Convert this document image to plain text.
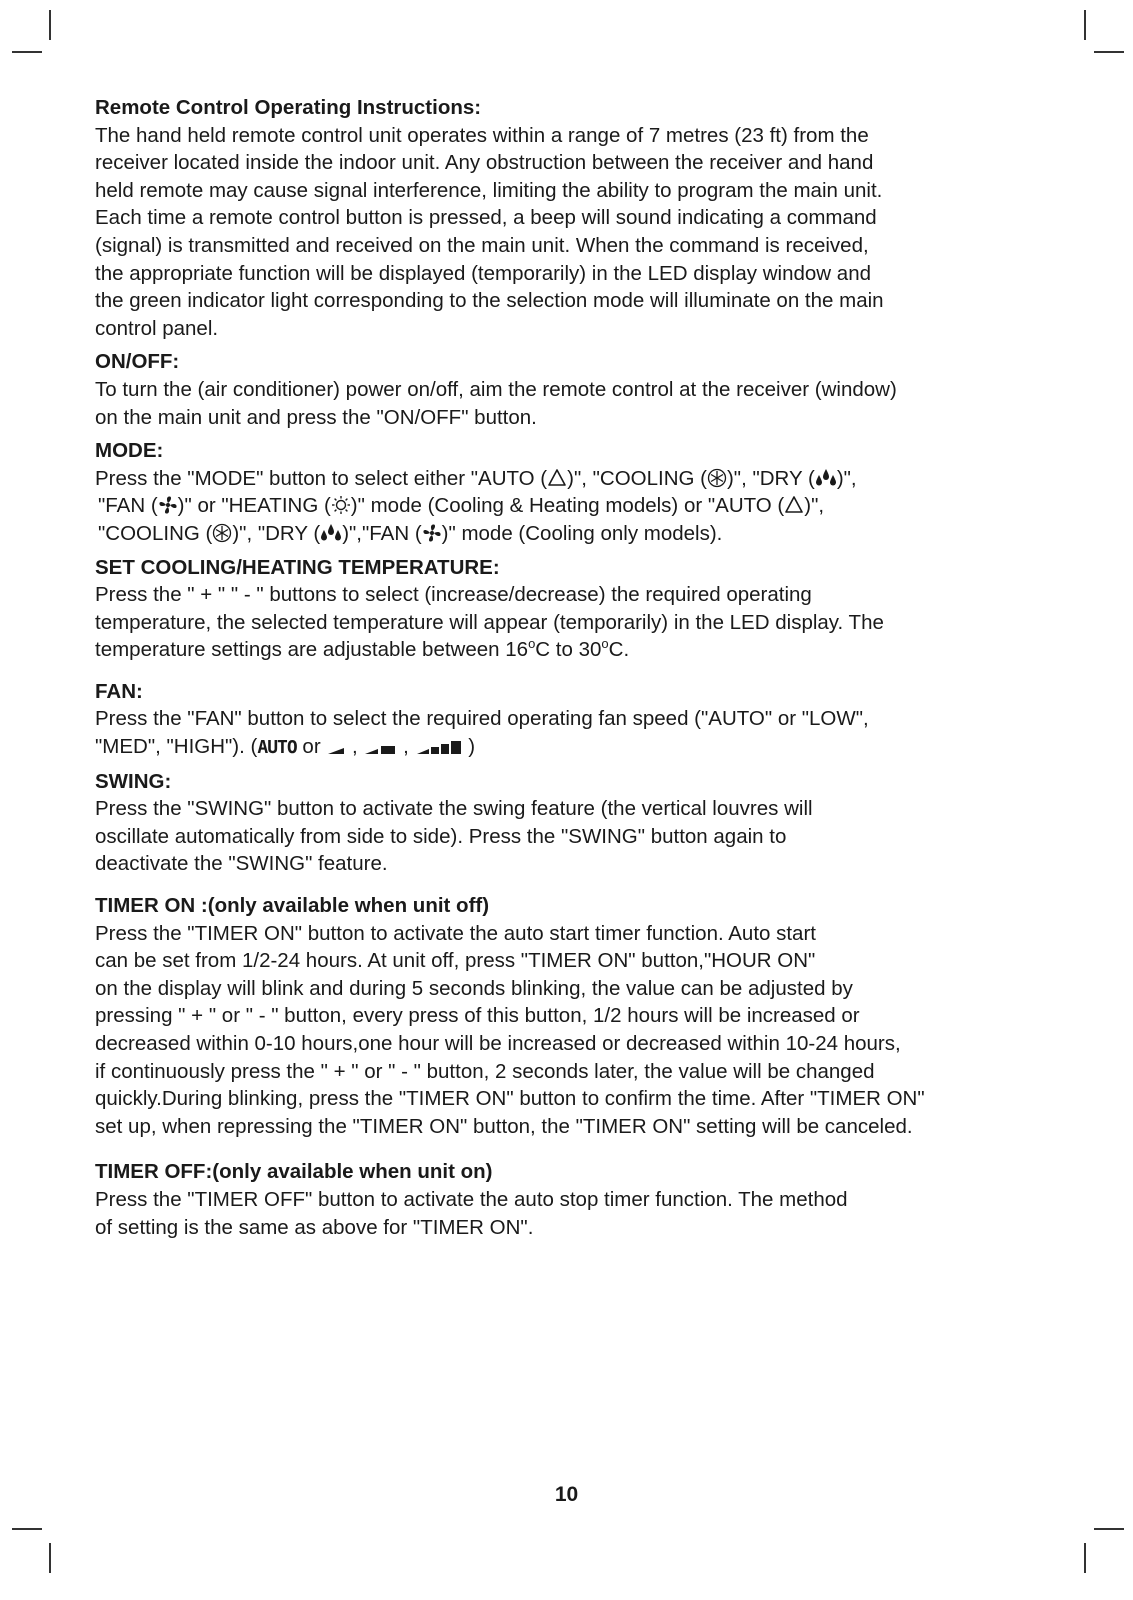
Remote Control Operating Instructions:

The hand held remote control unit operates within a range of 7 metres (23 ft) from the
receiver located inside the indoor unit. Any obstruction between the receiver and hand
held remote may cause signal interference, limiting the ability to program the main unit.
Each time a remote control button is pressed, a beep will sound indicating a command
(signal) is transmitted and received on the main unit. When the command is received,
the appropriate function will be displayed (temporarily) in the LED display window and
the green indicator light corresponding to the selection mode will illuminate on the main
control panel.

ON/OFF:

To turn the (air conditioner) power on/off, aim the remote control at the receiver (window)
on the main unit and press the "ON/OFF" button.

MODE:

Press the "MODE" button to select either "AUTO ( )", "COOLING ( )", "DRY ( )",
"FAN ( )" or "HEATING ( )" mode (Cooling & Heating models) or "AUTO ( )",
"COOLING ( )", "DRY ( )","FAN ( )" mode (Cooling only models).

SET COOLING/HEATING TEMPERATURE:

Press the " + " " - " buttons to select (increase/decrease) the required operating
temperature, the selected temperature will appear (temporarily) in the LED display. The
temperature settings are adjustable between 16$^o$C to 30$^o$C.

FAN:

Press the "FAN" button to select the required operating fan speed ("AUTO" or "LOW",
"MED", "HIGH"). (AUTO or
,
,
)

SWING:

Press the "SWING" button to activate the swing feature (the vertical louvres will
oscillate automatically from side to side). Press the "SWING" button again to
deactivate the "SWING" feature.

TIMER ON :(only available when unit off)

Press the "TIMER ON" button to activate the auto start timer function. Auto start
can be set from 1/2-24 hours. At unit off, press "TIMER ON" button,"HOUR ON"
on the display will blink and during 5 seconds blinking, the value can be adjusted by
pressing " + " or " - " button, every press of this button, 1/2 hours will be increased or
decreased within 0-10 hours,one hour will be increased or decreased within 10-24 hours,
if continuously press the " + " or " - " button, 2 seconds later, the value will be changed
quickly.During blinking, press the "TIMER ON" button to confirm the time. After "TIMER ON"
set up, when repressing the "TIMER ON" button, the "TIMER ON" setting will be canceled.

TIMER OFF:(only available when unit on)

Press the "TIMER OFF" button to activate the auto stop timer function. The method
of setting is the same as above for "TIMER ON".

10
